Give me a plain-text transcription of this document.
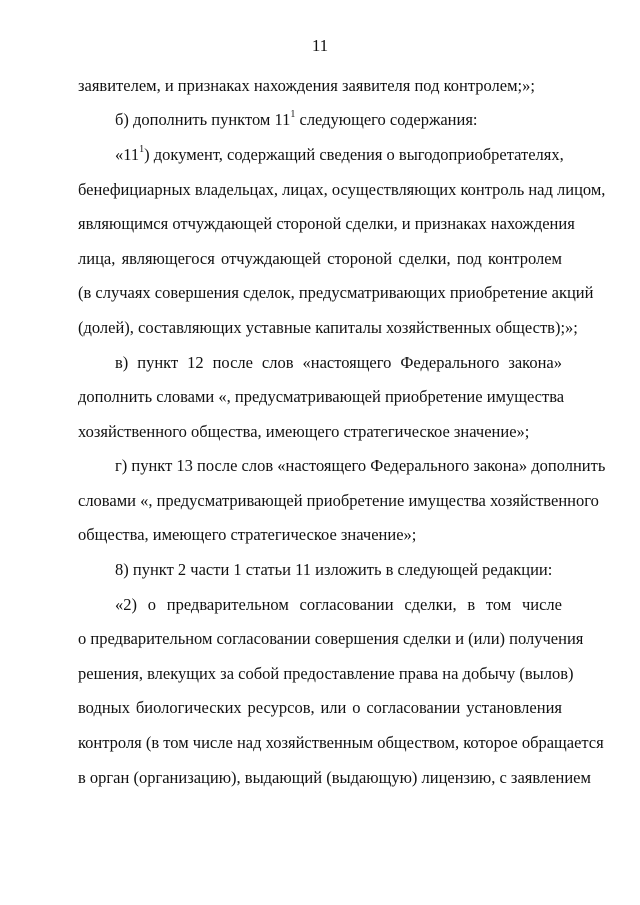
11
заявителем, и признаках нахождения заявителя под контролем;»;
б) дополнить пунктом $11^1$ следующего содержания:
«$11^1$) документ, содержащий сведения о выгодоприобретателях,
бенефициарных владельцах, лицах, осуществляющих контроль над лицом,
являющимся отчуждающей стороной сделки, и признаках нахождения
лица, являющегося отчуждающей стороной сделки, под контролем
(в случаях совершения сделок, предусматривающих приобретение акций
(долей), составляющих уставные капиталы хозяйственных обществ);»;
в) пункт 12 после слов «настоящего Федерального закона»
дополнить словами «, предусматривающей приобретение имущества
хозяйственного общества, имеющего стратегическое значение»;
г) пункт 13 после слов «настоящего Федерального закона» дополнить
словами «, предусматривающей приобретение имущества хозяйственного
общества, имеющего стратегическое значение»;
8) пункт 2 части 1 статьи 11 изложить в следующей редакции:
«2) о предварительном согласовании сделки, в том числе
о предварительном согласовании совершения сделки и (или) получения
решения, влекущих за собой предоставление права на добычу (вылов)
водных биологических ресурсов, или о согласовании установления
контроля (в том числе над хозяйственным обществом, которое обращается
в орган (организацию), выдающий (выдающую) лицензию, с заявлением
